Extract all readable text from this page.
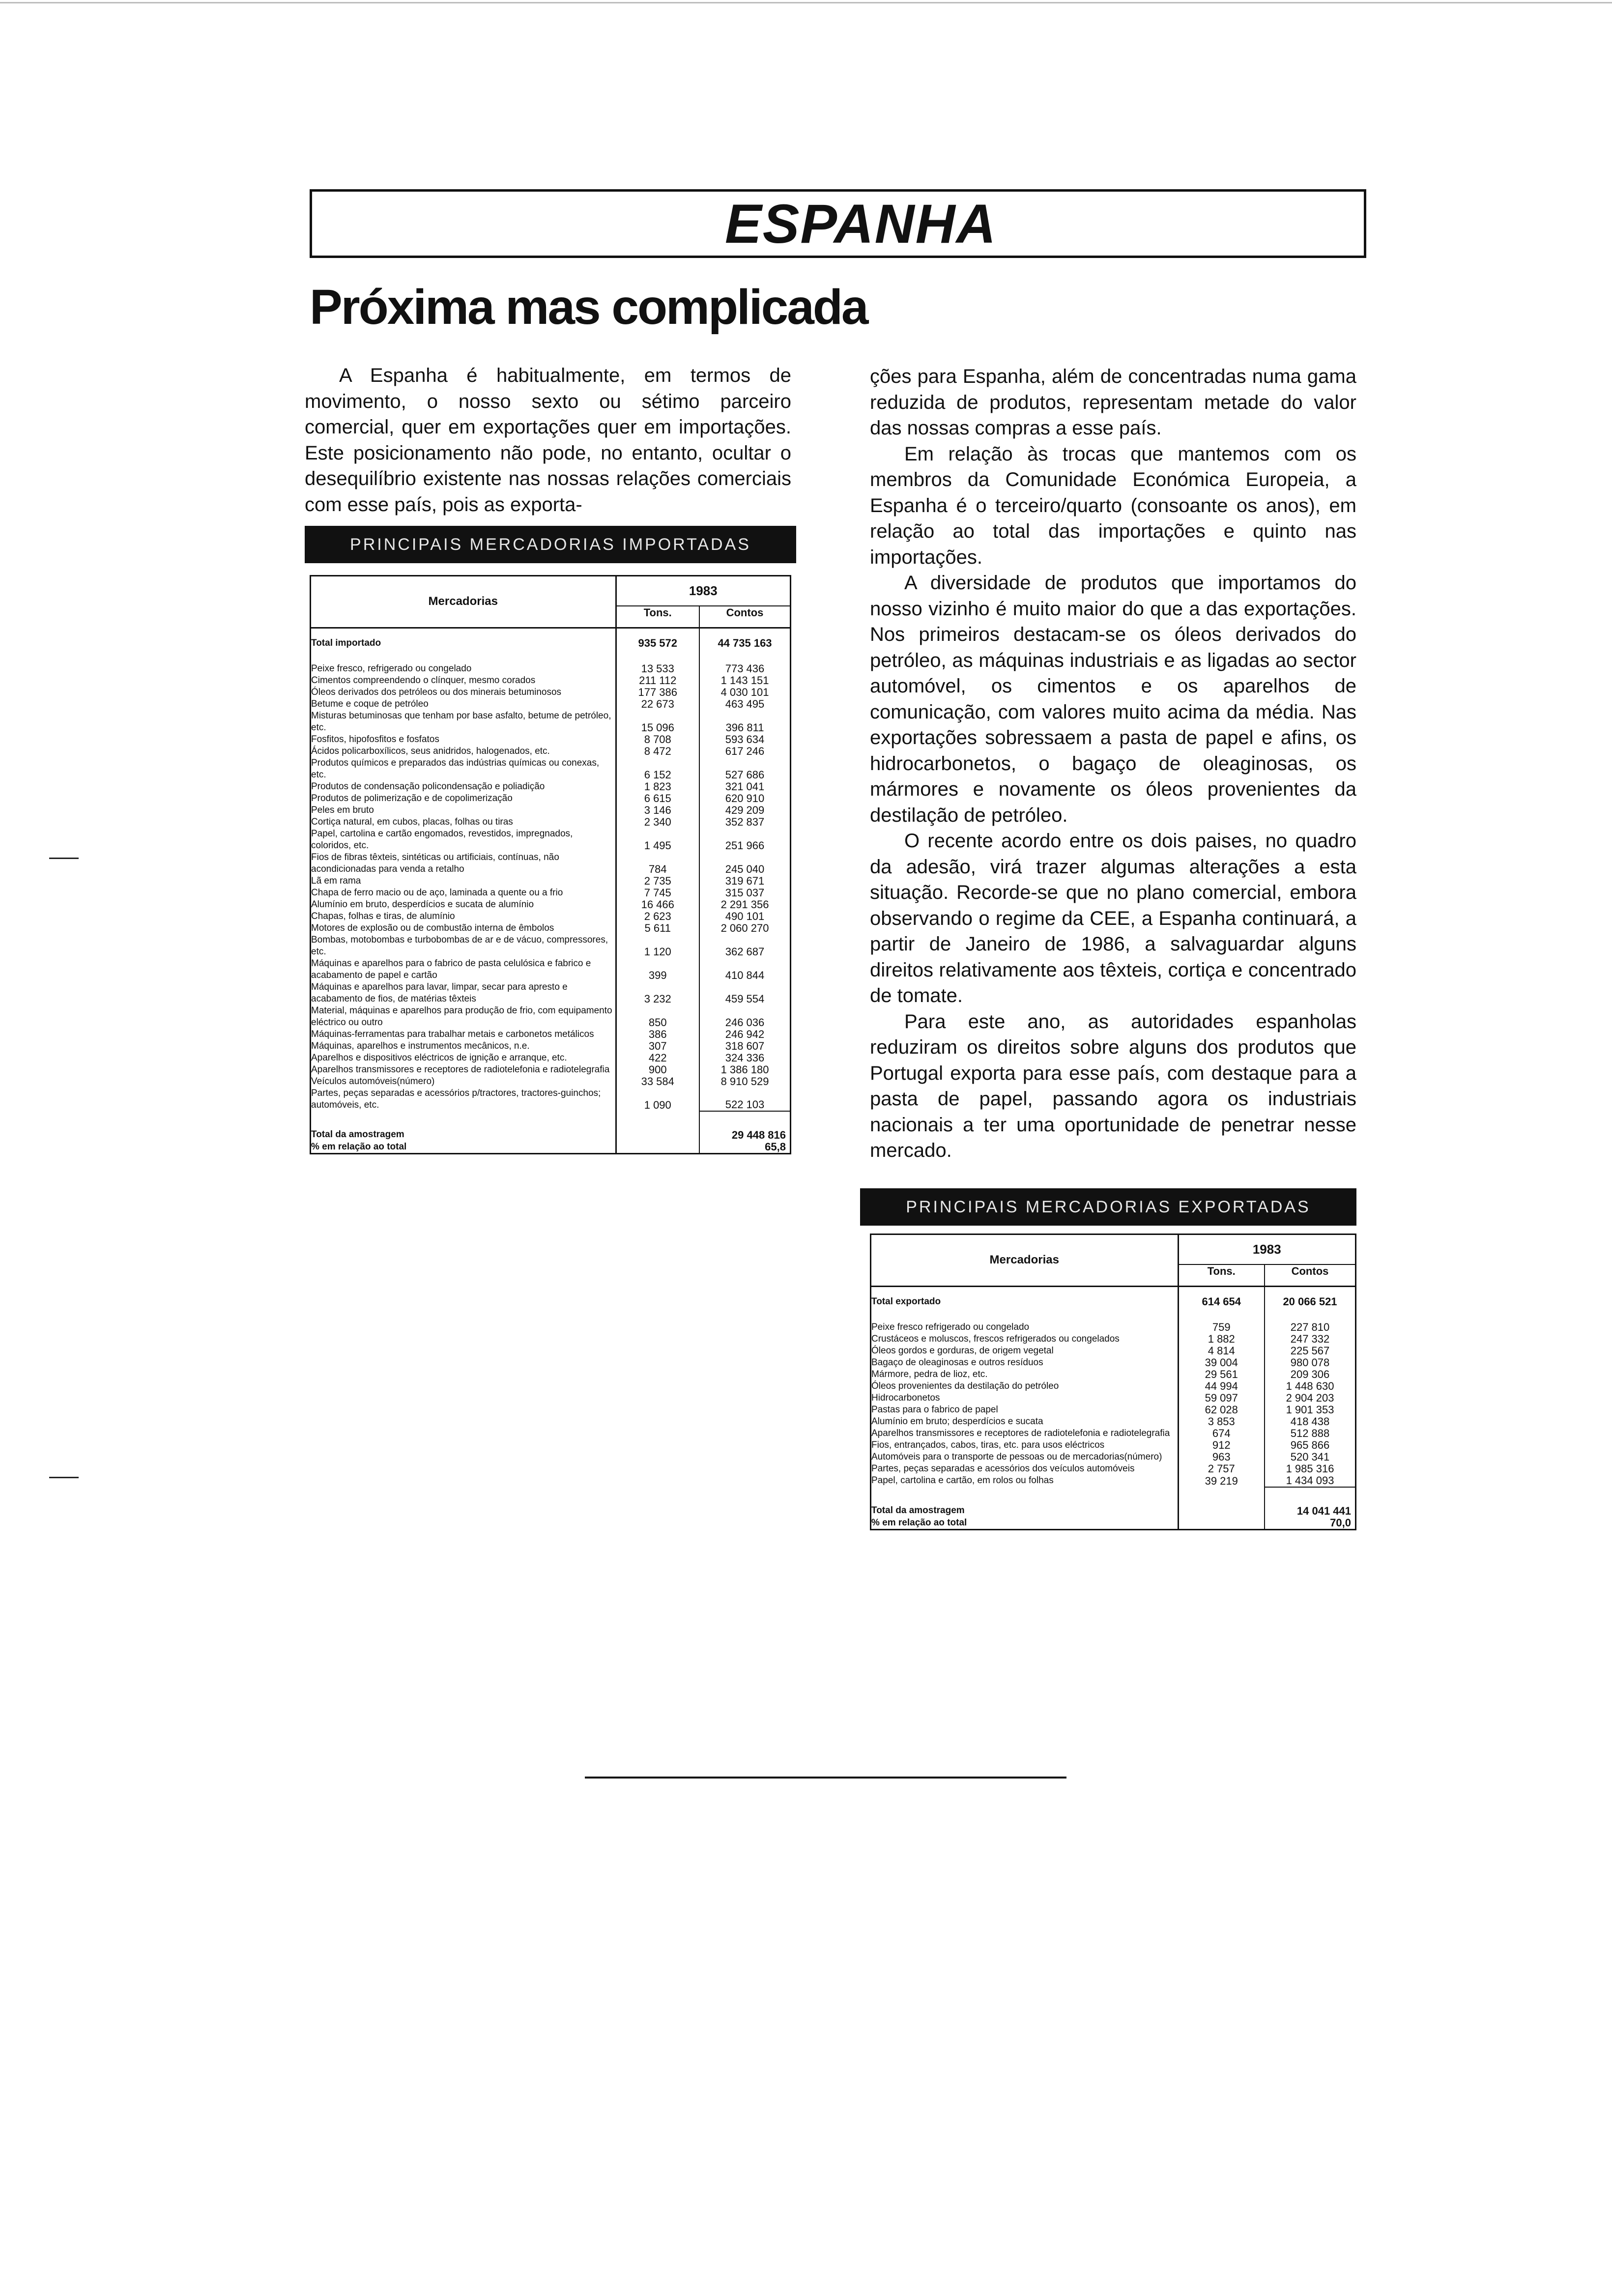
ESPANHA
Próxima mas complicada

A Espanha é habitualmente, em termos de movimento, o nosso sexto ou sétimo parceiro comercial, quer em exportações quer em importações. Este posicionamento não pode, no entanto, ocultar o desequilíbrio existente nas nossas relações comerciais com esse país, pois as exporta-

PRINCIPAIS MERCADORIAS IMPORTADAS
Mercadorias	1983	
	Tons.	Contos
Total importado	935 572	44 735 163
Peixe fresco, refrigerado ou congelado	13 533	773 436
Cimentos compreendendo o clínquer, mesmo corados	211 112	1 143 151
Óleos derivados dos petróleos ou dos minerais betuminosos	177 386	4 030 101
Betume e coque de petróleo	22 673	463 495
Misturas betuminosas que tenham por base asfalto, betume de petróleo, etc.	15 096	396 811
Fosfitos, hipofosfitos e fosfatos	8 708	593 634
Ácidos policarboxílicos, seus anidridos, halogenados, etc.	8 472	617 246
Produtos químicos e preparados das indústrias químicas ou conexas, etc.	6 152	527 686
Produtos de condensação policondensação e poliadição	1 823	321 041
Produtos de polimerização e de copolimerização	6 615	620 910
Peles em bruto	3 146	429 209
Cortiça natural, em cubos, placas, folhas ou tiras	2 340	352 837
Papel, cartolina e cartão engomados, revestidos, impregnados, coloridos, etc.	1 495	251 966
Fios de fibras têxteis, sintéticas ou artificiais, contínuas, não acondicionadas para venda a retalho	784	245 040
Lã em rama	2 735	319 671
Chapa de ferro macio ou de aço, laminada a quente ou a frio	7 745	315 037
Alumínio em bruto, desperdícios e sucata de alumínio	16 466	2 291 356
Chapas, folhas e tiras, de alumínio	2 623	490 101
Motores de explosão ou de combustão interna de êmbolos	5 611	2 060 270
Bombas, motobombas e turbobombas de ar e de vácuo, compressores, etc.	1 120	362 687
Máquinas e aparelhos para o fabrico de pasta celulósica e fabrico e acabamento de papel e cartão	399	410 844
Máquinas e aparelhos para lavar, limpar, secar para apresto e acabamento de fios, de matérias têxteis	3 232	459 554
Material, máquinas e aparelhos para produção de frio, com equipamento eléctrico ou outro	850	246 036
Máquinas-ferramentas para trabalhar metais e carbonetos metálicos	386	246 942
Máquinas, aparelhos e instrumentos mecânicos, n.e.	307	318 607
Aparelhos e dispositivos eléctricos de ignição e arranque, etc.	422	324 336
Aparelhos transmissores e receptores de radiotelefonia e radiotelegrafia	900	1 386 180
Veículos automóveis(número)	33 584	8 910 529
Partes, peças separadas e acessórios p/tractores, tractores-guinchos; automóveis, etc.	1 090	522 103
Total da amostragem		29 448 816
% em relação ao total		65,8

ções para Espanha, além de concentradas numa gama reduzida de produtos, representam metade do valor das nossas compras a esse país.

Em relação às trocas que mantemos com os membros da Comunidade Económica Europeia, a Espanha é o terceiro/quarto (consoante os anos), em relação ao total das importações e quinto nas importações.

A diversidade de produtos que importamos do nosso vizinho é muito maior do que a das exportações. Nos primeiros destacam-se os óleos derivados do petróleo, as máquinas industriais e as ligadas ao sector automóvel, os cimentos e os aparelhos de comunicação, com valores muito acima da média. Nas exportações sobressaem a pasta de papel e afins, os hidrocarbonetos, o bagaço de oleaginosas, os mármores e novamente os óleos provenientes da destilação de petróleo.

O recente acordo entre os dois paises, no quadro da adesão, virá trazer algumas alterações a esta situação. Recorde-se que no plano comercial, embora observando o regime da CEE, a Espanha continuará, a partir de Janeiro de 1986, a salvaguardar alguns direitos relativamente aos têxteis, cortiça e concentrado de tomate.

Para este ano, as autoridades espanholas reduziram os direitos sobre alguns dos produtos que Portugal exporta para esse país, com destaque para a pasta de papel, passando agora os industriais nacionais a ter uma oportunidade de penetrar nesse mercado.

PRINCIPAIS MERCADORIAS EXPORTADAS
Mercadorias	1983	
	Tons.	Contos
Total exportado	614 654	20 066 521
Peixe fresco refrigerado ou congelado	759	227 810
Crustáceos e moluscos, frescos refrigerados ou congelados	1 882	247 332
Óleos gordos e gorduras, de origem vegetal	4 814	225 567
Bagaço de oleaginosas e outros resíduos	39 004	980 078
Mármore, pedra de lioz, etc.	29 561	209 306
Óleos provenientes da destilação do petróleo	44 994	1 448 630
Hidrocarbonetos	59 097	2 904 203
Pastas para o fabrico de papel	62 028	1 901 353
Alumínio em bruto; desperdícios e sucata	3 853	418 438
Aparelhos transmissores e receptores de radiotelefonia e radiotelegrafia	674	512 888
Fios, entrançados, cabos, tiras, etc. para usos eléctricos	912	965 866
Automóveis para o transporte de pessoas ou de mercadorias(número)	963	520 341
Partes, peças separadas e acessórios dos veículos automóveis	2 757	1 985 316
Papel, cartolina e cartão, em rolos ou folhas	39 219	1 434 093
Total da amostragem		14 041 441
% em relação ao total		70,0
